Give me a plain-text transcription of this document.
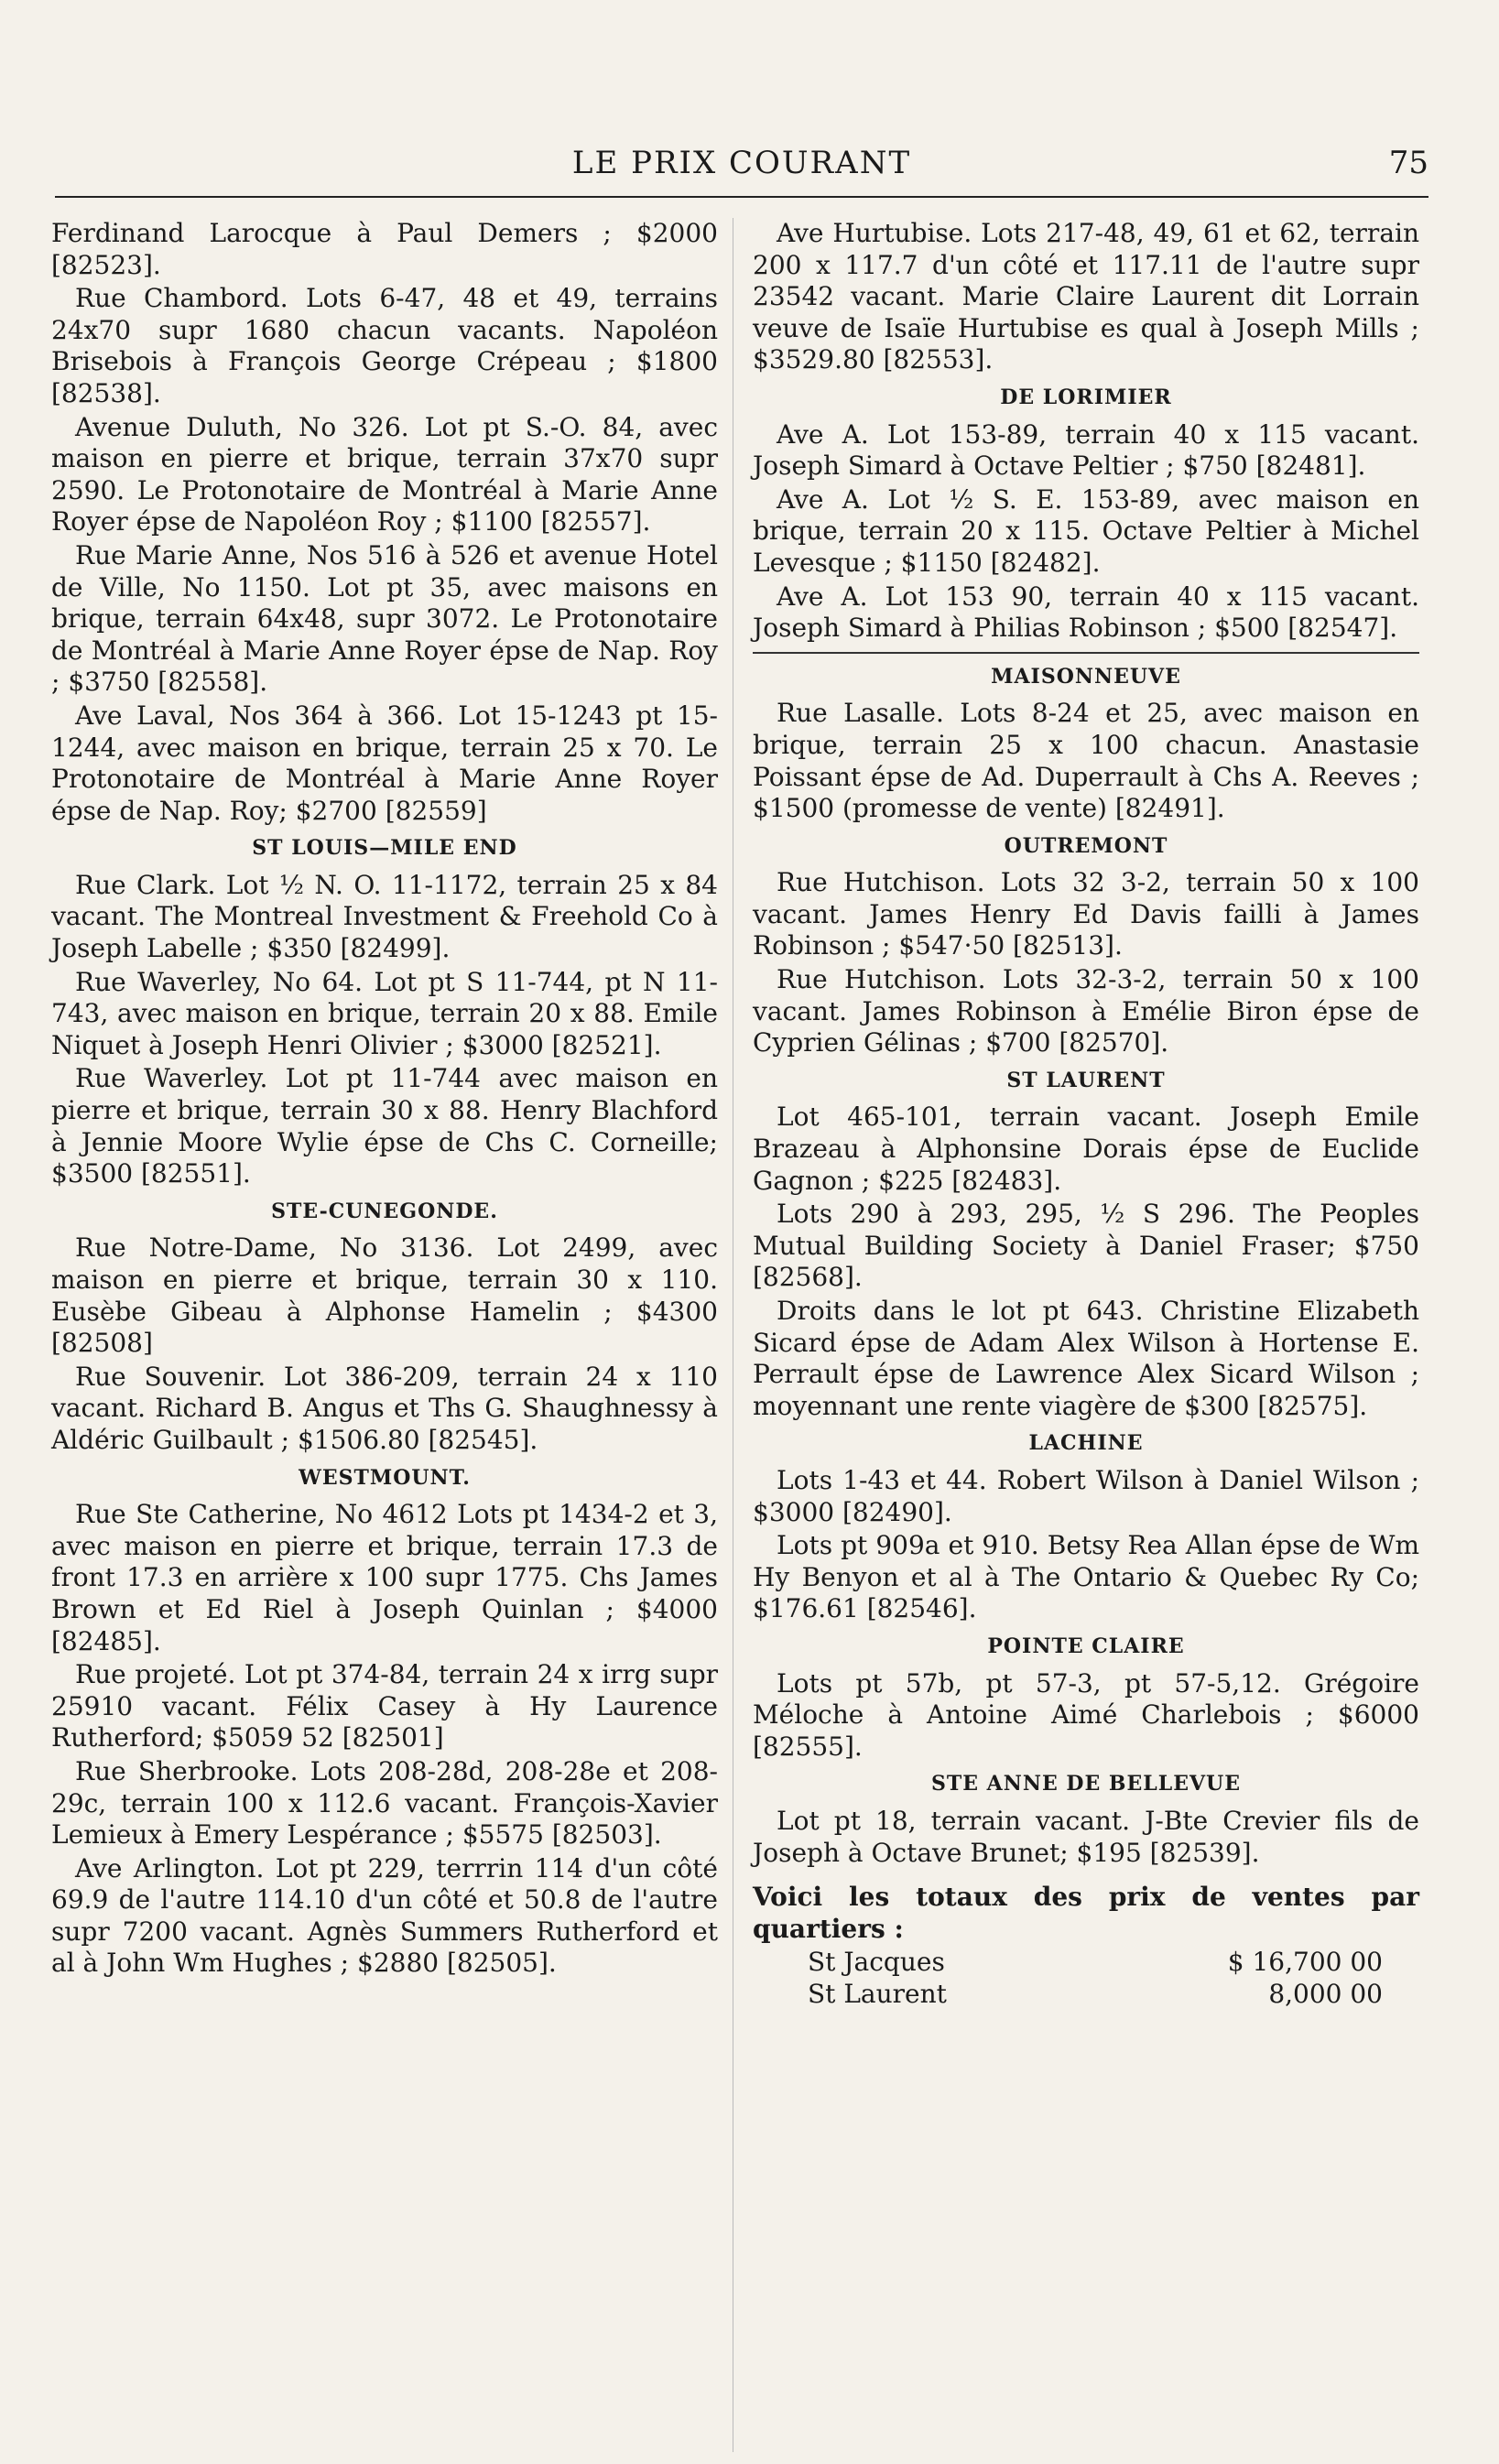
LE PRIX COURANT	75

Ferdinand Larocque à Paul Demers ; $2000 [82523].

Rue Chambord. Lots 6-47, 48 et 49, terrains 24x70 supr 1680 chacun vacants. Napoléon Brisebois à François George Crépeau ; $1800 [82538].

Avenue Duluth, No 326. Lot pt S.-O. 84, avec maison en pierre et brique, terrain 37x70 supr 2590. Le Protonotaire de Montréal à Marie Anne Royer épse de Napoléon Roy ; $1100 [82557].

Rue Marie Anne, Nos 516 à 526 et avenue Hotel de Ville, No 1150. Lot pt 35, avec maisons en brique, terrain 64x48, supr 3072. Le Protonotaire de Montréal à Marie Anne Royer épse de Nap. Roy ; $3750 [82558].

Ave Laval, Nos 364 à 366. Lot 15-1243 pt 15-1244, avec maison en brique, terrain 25 x 70. Le Protonotaire de Montréal à Marie Anne Royer épse de Nap. Roy; $2700 [82559]

ST LOUIS—MILE END

Rue Clark. Lot ½ N. O. 11-1172, terrain 25 x 84 vacant. The Montreal Investment & Freehold Co à Joseph Labelle ; $350 [82499].

Rue Waverley, No 64. Lot pt S 11-744, pt N 11-743, avec maison en brique, terrain 20 x 88. Emile Niquet à Joseph Henri Olivier ; $3000 [82521].

Rue Waverley. Lot pt 11-744 avec maison en pierre et brique, terrain 30 x 88. Henry Blachford à Jennie Moore Wylie épse de Chs C. Corneille; $3500 [82551].

STE-CUNEGONDE.

Rue Notre-Dame, No 3136. Lot 2499, avec maison en pierre et brique, terrain 30 x 110. Eusèbe Gibeau à Alphonse Hamelin ; $4300 [82508]

Rue Souvenir. Lot 386-209, terrain 24 x 110 vacant. Richard B. Angus et Ths G. Shaughnessy à Aldéric Guilbault ; $1506.80 [82545].

WESTMOUNT.

Rue Ste Catherine, No 4612 Lots pt 1434-2 et 3, avec maison en pierre et brique, terrain 17.3 de front 17.3 en arrière x 100 supr 1775. Chs James Brown et Ed Riel à Joseph Quinlan ; $4000 [82485].

Rue projeté. Lot pt 374-84, terrain 24 x irrg supr 25910 vacant. Félix Casey à Hy Laurence Rutherford; $5059 52 [82501]

Rue Sherbrooke. Lots 208-28d, 208-28e et 208-29c, terrain 100 x 112.6 vacant. François-Xavier Lemieux à Emery Lespérance ; $5575 [82503].

Ave Arlington. Lot pt 229, terrrin 114 d'un côté 69.9 de l'autre 114.10 d'un côté et 50.8 de l'autre supr 7200 vacant. Agnès Summers Rutherford et al à John Wm Hughes ; $2880 [82505].

Ave Hurtubise. Lots 217-48, 49, 61 et 62, terrain 200 x 117.7 d'un côté et 117.11 de l'autre supr 23542 vacant. Marie Claire Laurent dit Lorrain veuve de Isaïe Hurtubise es qual à Joseph Mills ; $3529.80 [82553].

DE LORIMIER

Ave A. Lot 153-89, terrain 40 x 115 vacant. Joseph Simard à Octave Peltier ; $750 [82481].

Ave A. Lot ½ S. E. 153-89, avec maison en brique, terrain 20 x 115. Octave Peltier à Michel Levesque ; $1150 [82482].

Ave A. Lot 153 90, terrain 40 x 115 vacant. Joseph Simard à Philias Robinson ; $500 [82547].

MAISONNEUVE

Rue Lasalle. Lots 8-24 et 25, avec maison en brique, terrain 25 x 100 chacun. Anastasie Poissant épse de Ad. Duperrault à Chs A. Reeves ; $1500 (promesse de vente) [82491].

OUTREMONT

Rue Hutchison. Lots 32 3-2, terrain 50 x 100 vacant. James Henry Ed Davis failli à James Robinson ; $547·50 [82513].

Rue Hutchison. Lots 32-3-2, terrain 50 x 100 vacant. James Robinson à Emélie Biron épse de Cyprien Gélinas ; $700 [82570].

ST LAURENT

Lot 465-101, terrain vacant. Joseph Emile Brazeau à Alphonsine Dorais épse de Euclide Gagnon ; $225 [82483].

Lots 290 à 293, 295, ½ S 296. The Peoples Mutual Building Society à Daniel Fraser; $750 [82568].

Droits dans le lot pt 643. Christine Elizabeth Sicard épse de Adam Alex Wilson à Hortense E. Perrault épse de Lawrence Alex Sicard Wilson ; moyennant une rente viagère de $300 [82575].

LACHINE

Lots 1-43 et 44. Robert Wilson à Daniel Wilson ; $3000 [82490].

Lots pt 909a et 910. Betsy Rea Allan épse de Wm Hy Benyon et al à The Ontario & Quebec Ry Co; $176.61 [82546].

POINTE CLAIRE

Lots pt 57b, pt 57-3, pt 57-5,12. Grégoire Méloche à Antoine Aimé Charlebois ; $6000 [82555].

STE ANNE DE BELLEVUE

Lot pt 18, terrain vacant. J-Bte Crevier fils de Joseph à Octave Brunet; $195 [82539].

Voici les totaux des prix de ventes par quartiers :

St Jacques	$ 16,700 00
St Laurent	8,000 00
